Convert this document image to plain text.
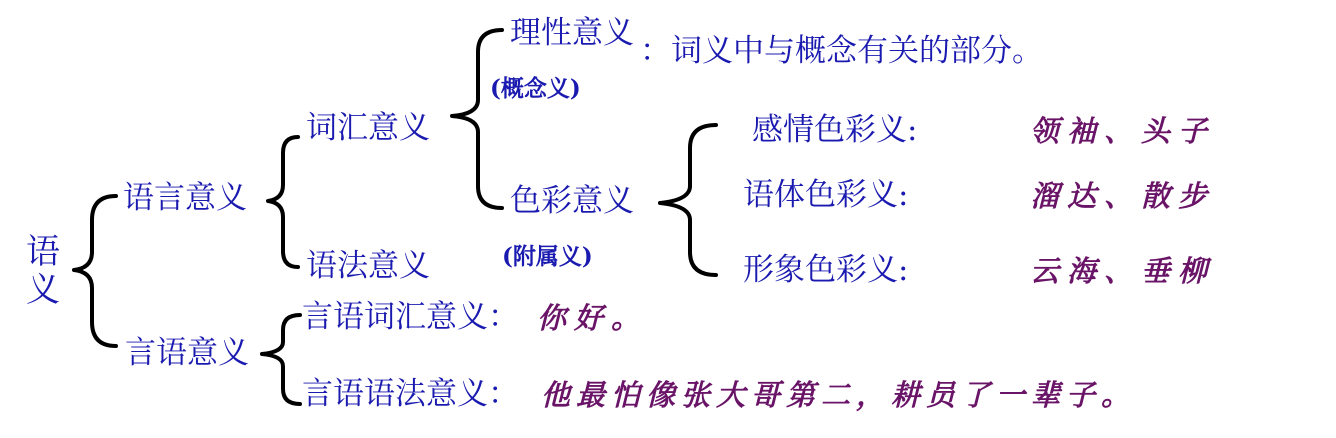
语
义
语言意义
言语意义
词汇意义
语法意义
理性意义 ：词义中与概念有关的部分。
(概念义)
色彩意义
(附属义)
感情色彩义:	领袖、头子
语体色彩义:	溜达、散步
形象色彩义:	云海、垂柳
言语词汇意义： 你好。
言语语法意义： 他最怕像张大哥第二，耕员了一辈子。
